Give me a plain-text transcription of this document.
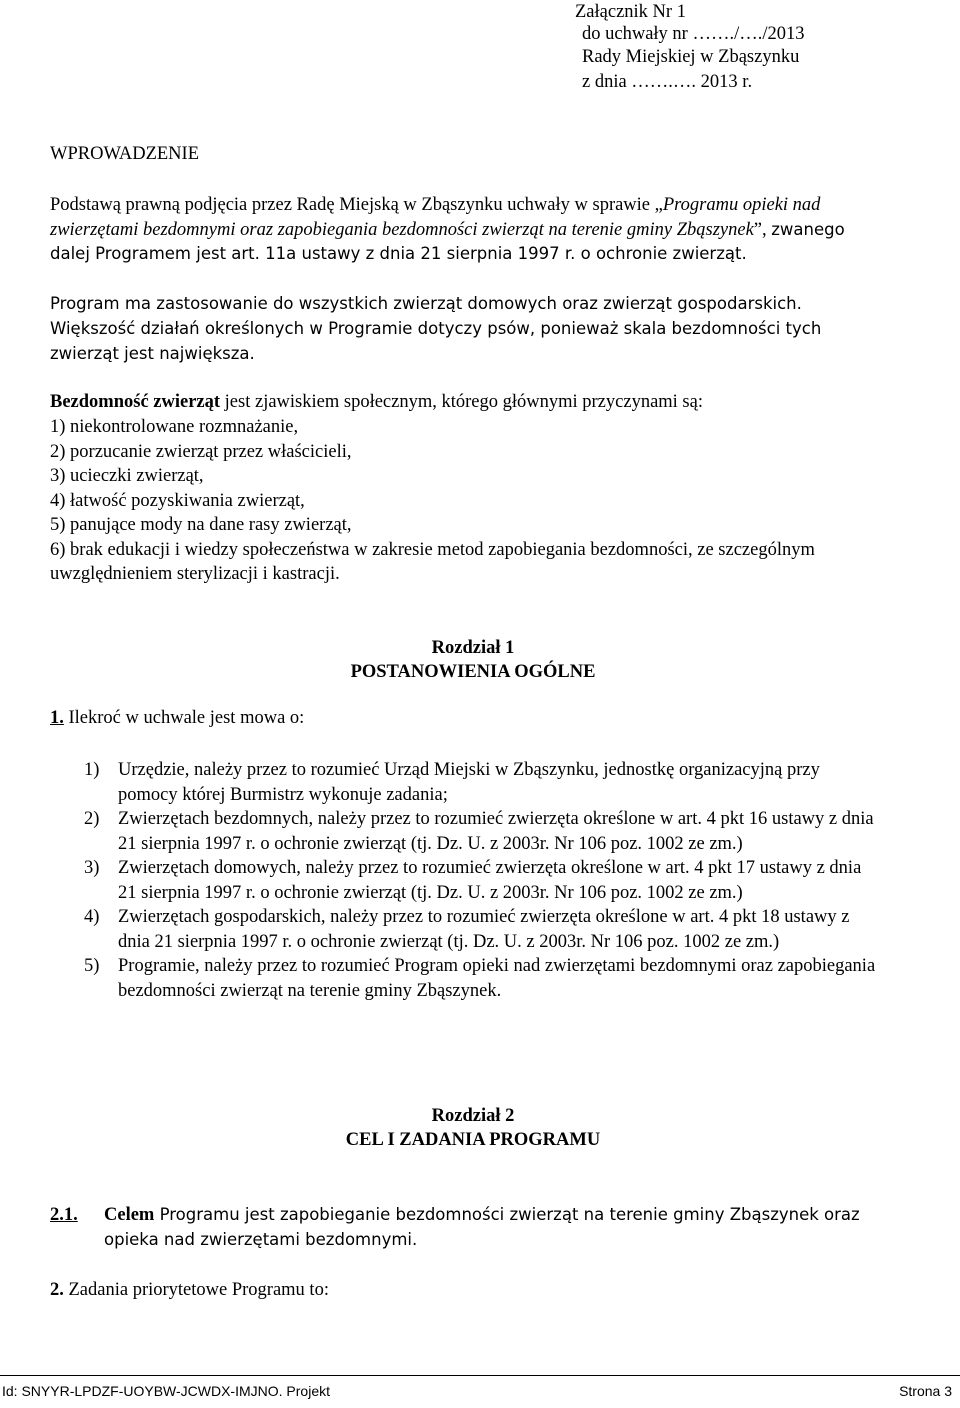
Załącznik Nr 1
do uchwały nr ……./…./2013
Rady Miejskiej w Zbąszynku
z dnia …….…. 2013 r.
WPROWADZENIE
Podstawą prawną podjęcia przez Radę Miejską w Zbąszynku uchwały w sprawie „Programu opieki nad zwierzętami bezdomnymi oraz zapobiegania bezdomności zwierząt na terenie gminy Zbąszynek”, zwanego dalej Programem jest art. 11a ustawy z dnia 21 sierpnia 1997 r. o ochronie zwierząt.
Program ma zastosowanie do wszystkich zwierząt domowych oraz zwierząt gospodarskich.
Większość działań określonych w Programie dotyczy psów, ponieważ skala bezdomności tych zwierząt jest największa.
Bezdomność zwierząt jest zjawiskiem społecznym, którego głównymi przyczynami są:
1) niekontrolowane rozmnażanie,
2) porzucanie zwierząt przez właścicieli,
3) ucieczki zwierząt,
4) łatwość pozyskiwania zwierząt,
5) panujące mody na dane rasy zwierząt,
6) brak edukacji i wiedzy społeczeństwa w zakresie metod zapobiegania bezdomności, ze szczególnym uwzględnieniem sterylizacji i kastracji.
Rozdział 1
POSTANOWIENIA OGÓLNE
1. Ilekroć w uchwale jest mowa o:
1) Urzędzie, należy przez to rozumieć Urząd Miejski w Zbąszynku, jednostkę organizacyjną przy pomocy której Burmistrz wykonuje zadania;
2) Zwierzętach bezdomnych, należy przez to rozumieć zwierzęta określone w art. 4 pkt 16 ustawy z dnia 21 sierpnia 1997 r. o ochronie zwierząt (tj. Dz. U. z 2003r. Nr 106 poz. 1002 ze zm.)
3) Zwierzętach domowych, należy przez to rozumieć zwierzęta określone w art. 4 pkt 17 ustawy z dnia 21 sierpnia 1997 r. o ochronie zwierząt (tj. Dz. U. z 2003r. Nr 106 poz. 1002 ze zm.)
4) Zwierzętach gospodarskich, należy przez to rozumieć zwierzęta określone w art. 4 pkt 18 ustawy z dnia 21 sierpnia 1997 r. o ochronie zwierząt (tj. Dz. U. z 2003r. Nr 106 poz. 1002 ze zm.)
5) Programie, należy przez to rozumieć Program opieki nad zwierzętami bezdomnymi oraz zapobiegania bezdomności zwierząt na terenie gminy Zbąszynek.
Rozdział 2
CEL I ZADANIA PROGRAMU
2.1. Celem Programu jest zapobieganie bezdomności zwierząt na terenie gminy Zbąszynek oraz opieka nad zwierzętami bezdomnymi.
2. Zadania priorytetowe Programu to:
Id: SNYYR-LPDZF-UOYBW-JCWDX-IMJNO. Projekt	Strona 3
